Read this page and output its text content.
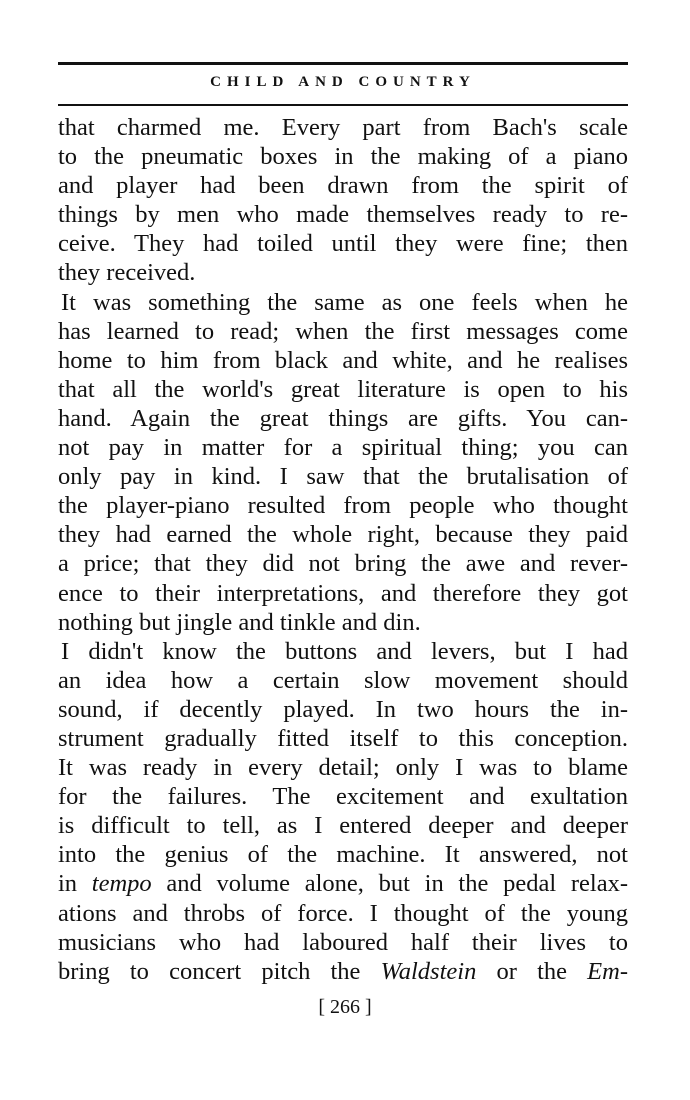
CHILD AND COUNTRY
that charmed me. Every part from Bach's scale
to the pneumatic boxes in the making of a piano
and player had been drawn from the spirit of
things by men who made themselves ready to re-
ceive. They had toiled until they were fine; then
they received.
It was something the same as one feels when he
has learned to read; when the first messages come
home to him from black and white, and he realises
that all the world's great literature is open to his
hand. Again the great things are gifts. You can-
not pay in matter for a spiritual thing; you can
only pay in kind. I saw that the brutalisation of
the player-piano resulted from people who thought
they had earned the whole right, because they paid
a price; that they did not bring the awe and rever-
ence to their interpretations, and therefore they got
nothing but jingle and tinkle and din.
I didn't know the buttons and levers, but I had
an idea how a certain slow movement should
sound, if decently played. In two hours the in-
strument gradually fitted itself to this conception.
It was ready in every detail; only I was to blame
for the failures. The excitement and exultation
is difficult to tell, as I entered deeper and deeper
into the genius of the machine. It answered, not
in tempo and volume alone, but in the pedal relax-
ations and throbs of force. I thought of the young
musicians who had laboured half their lives to
bring to concert pitch the Waldstein or the Em-
[ 266 ]
